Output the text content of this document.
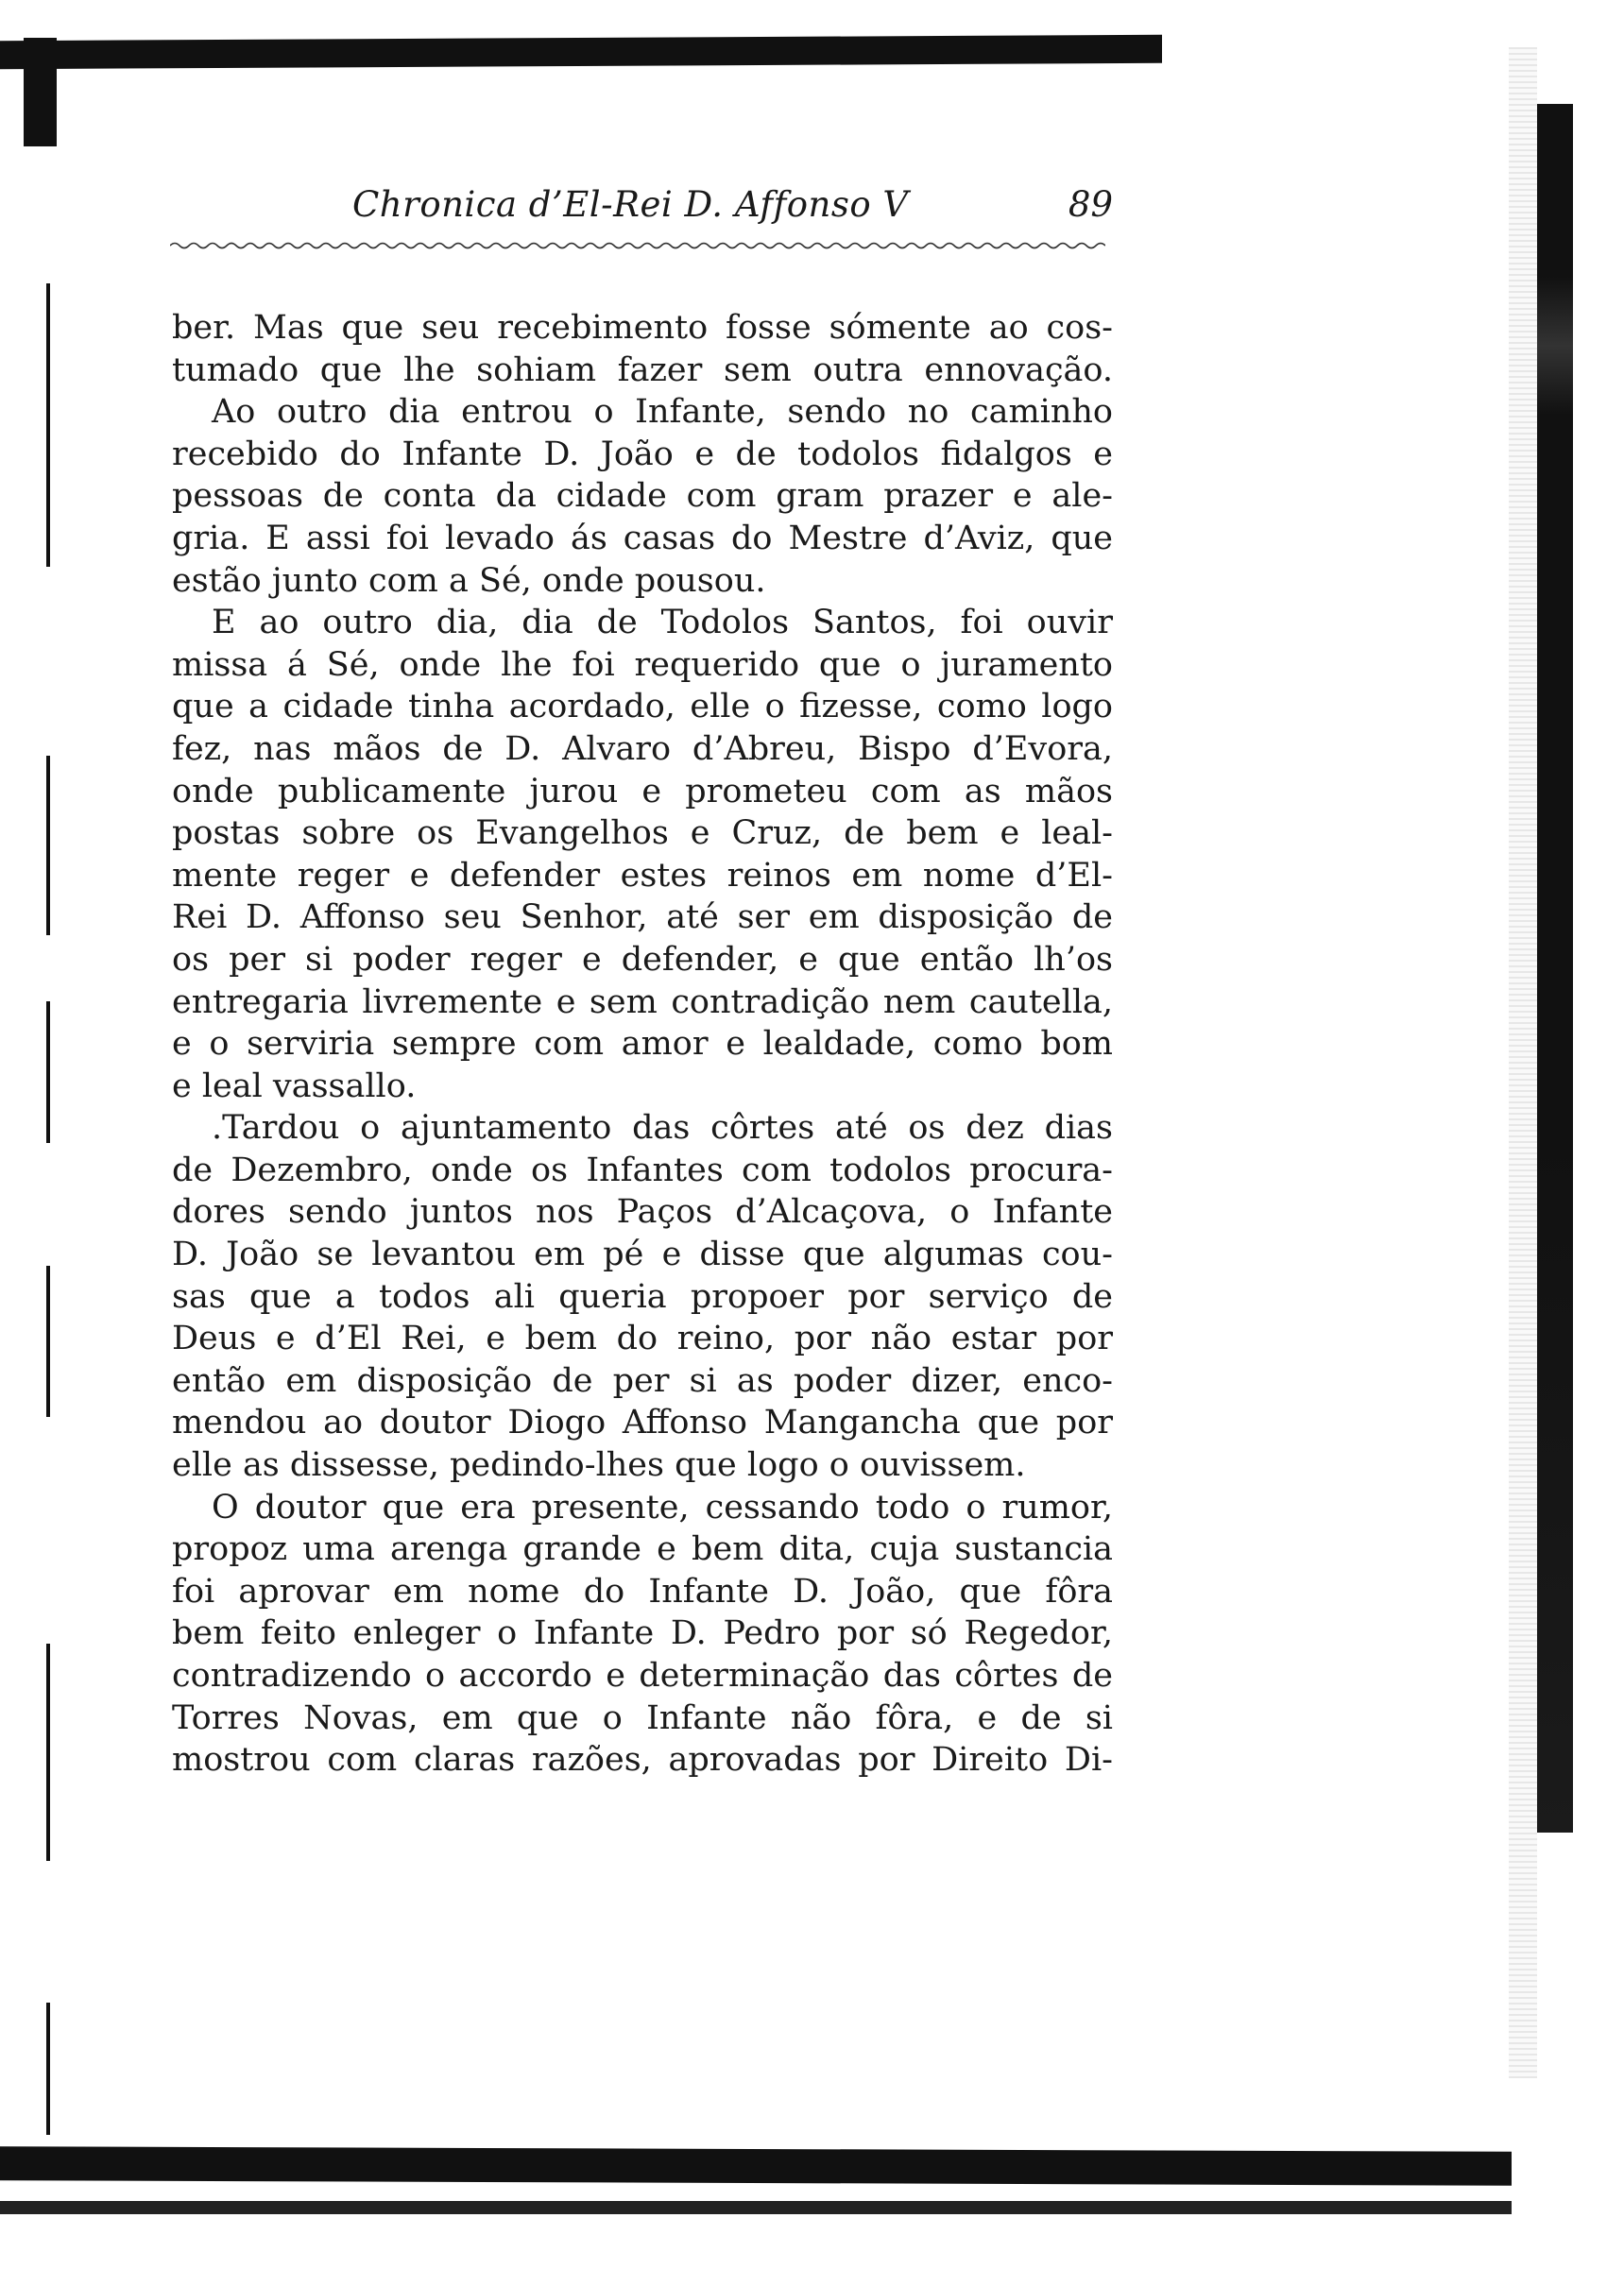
Chronica d’El-Rei D. Affonso V	89
ber. Mas que seu recebimento fosse sómente ao cos-
tumado que lhe sohiam fazer sem outra ennovação.
Ao outro dia entrou o Infante, sendo no caminho
recebido do Infante D. João e de todolos fidalgos e
pessoas de conta da cidade com gram prazer e ale-
gria. E assi foi levado ás casas do Mestre d’Aviz, que
estão junto com a Sé, onde pousou.
E ao outro dia, dia de Todolos Santos, foi ouvir
missa á Sé, onde lhe foi requerido que o juramento
que a cidade tinha acordado, elle o fizesse, como logo
fez, nas mãos de D. Alvaro d’Abreu, Bispo d’Evora,
onde publicamente jurou e prometeu com as mãos
postas sobre os Evangelhos e Cruz, de bem e leal-
mente reger e defender estes reinos em nome d’El-
Rei D. Affonso seu Senhor, até ser em disposição de
os per si poder reger e defender, e que então lh’os
entregaria livremente e sem contradição nem cautella,
e o serviria sempre com amor e lealdade, como bom
e leal vassallo.
.Tardou o ajuntamento das côrtes até os dez dias
de Dezembro, onde os Infantes com todolos procura-
dores sendo juntos nos Paços d’Alcaçova, o Infante
D. João se levantou em pé e disse que algumas cou-
sas que a todos ali queria propoer por serviço de
Deus e d’El Rei, e bem do reino, por não estar por
então em disposição de per si as poder dizer, enco-
mendou ao doutor Diogo Affonso Mangancha que por
elle as dissesse, pedindo-lhes que logo o ouvissem.
O doutor que era presente, cessando todo o rumor,
propoz uma arenga grande e bem dita, cuja sustancia
foi aprovar em nome do Infante D. João, que fôra
bem feito enleger o Infante D. Pedro por só Regedor,
contradizendo o accordo e determinação das côrtes de
Torres Novas, em que o Infante não fôra, e de si
mostrou com claras razões, aprovadas por Direito Di-
